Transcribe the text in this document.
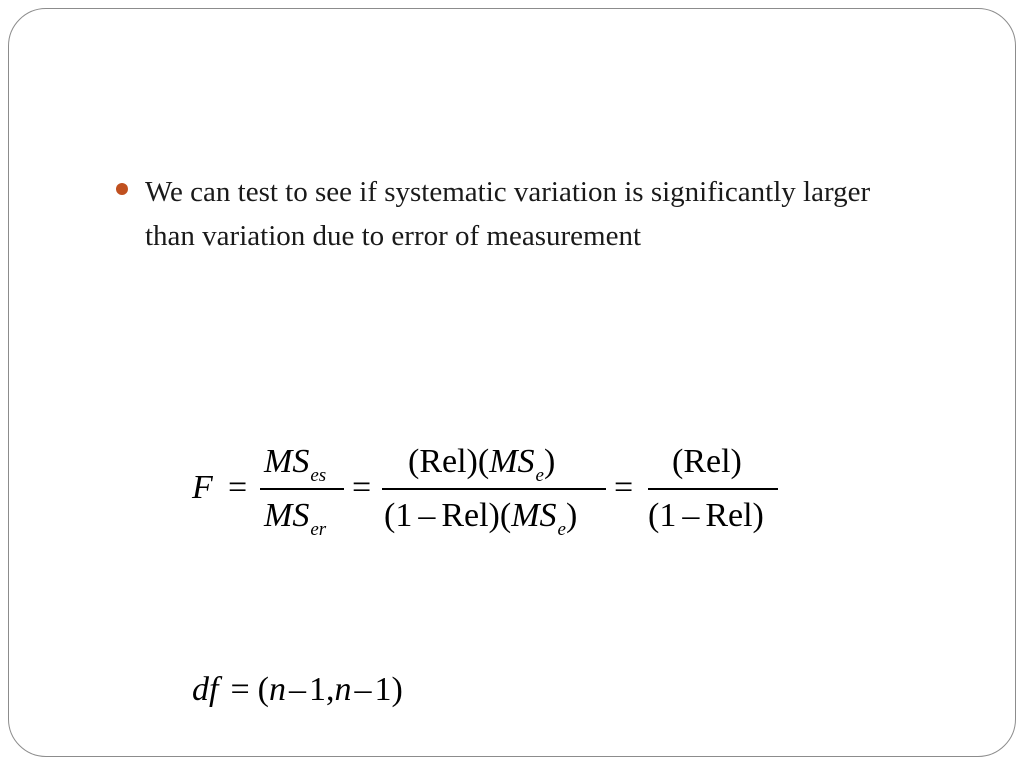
We can test to see if systematic variation is significantly larger than variation due to error of measurement
F =
$MS_{es}$
$MS_{er}$
=
$(Rel)(MS_e)$
$(1 - Rel)(MS_e)$
=
(Rel)
(1 – Rel)
df = (n–1,n–1)
